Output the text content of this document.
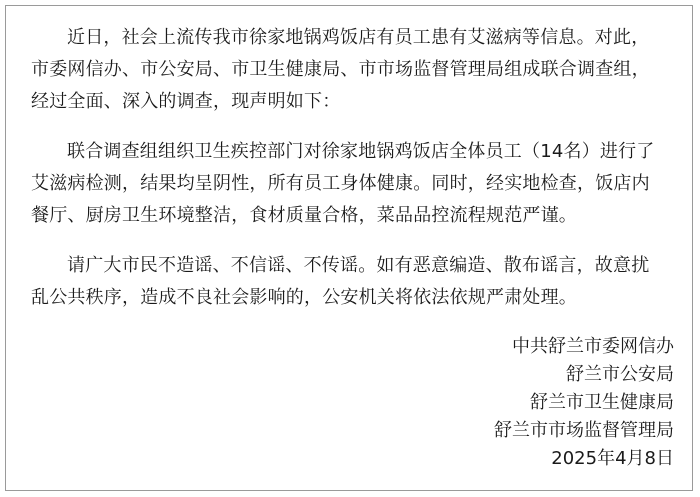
近日，社会上流传我市徐家地锅鸡饭店有员工患有艾滋病等信息。对此，
市委网信办、市公安局、市卫生健康局、市市场监督管理局组成联合调查组，
经过全面、深入的调查，现声明如下：
联合调查组组织卫生疾控部门对徐家地锅鸡饭店全体员工（14名）进行了
艾滋病检测，结果均呈阴性，所有员工身体健康。同时，经实地检查，饭店内
餐厅、厨房卫生环境整洁，食材质量合格，菜品品控流程规范严谨。
请广大市民不造谣、不信谣、不传谣。如有恶意编造、散布谣言，故意扰
乱公共秩序，造成不良社会影响的，公安机关将依法依规严肃处理。
中共舒兰市委网信办
舒兰市公安局
舒兰市卫生健康局
舒兰市市场监督管理局
2025年4月8日
